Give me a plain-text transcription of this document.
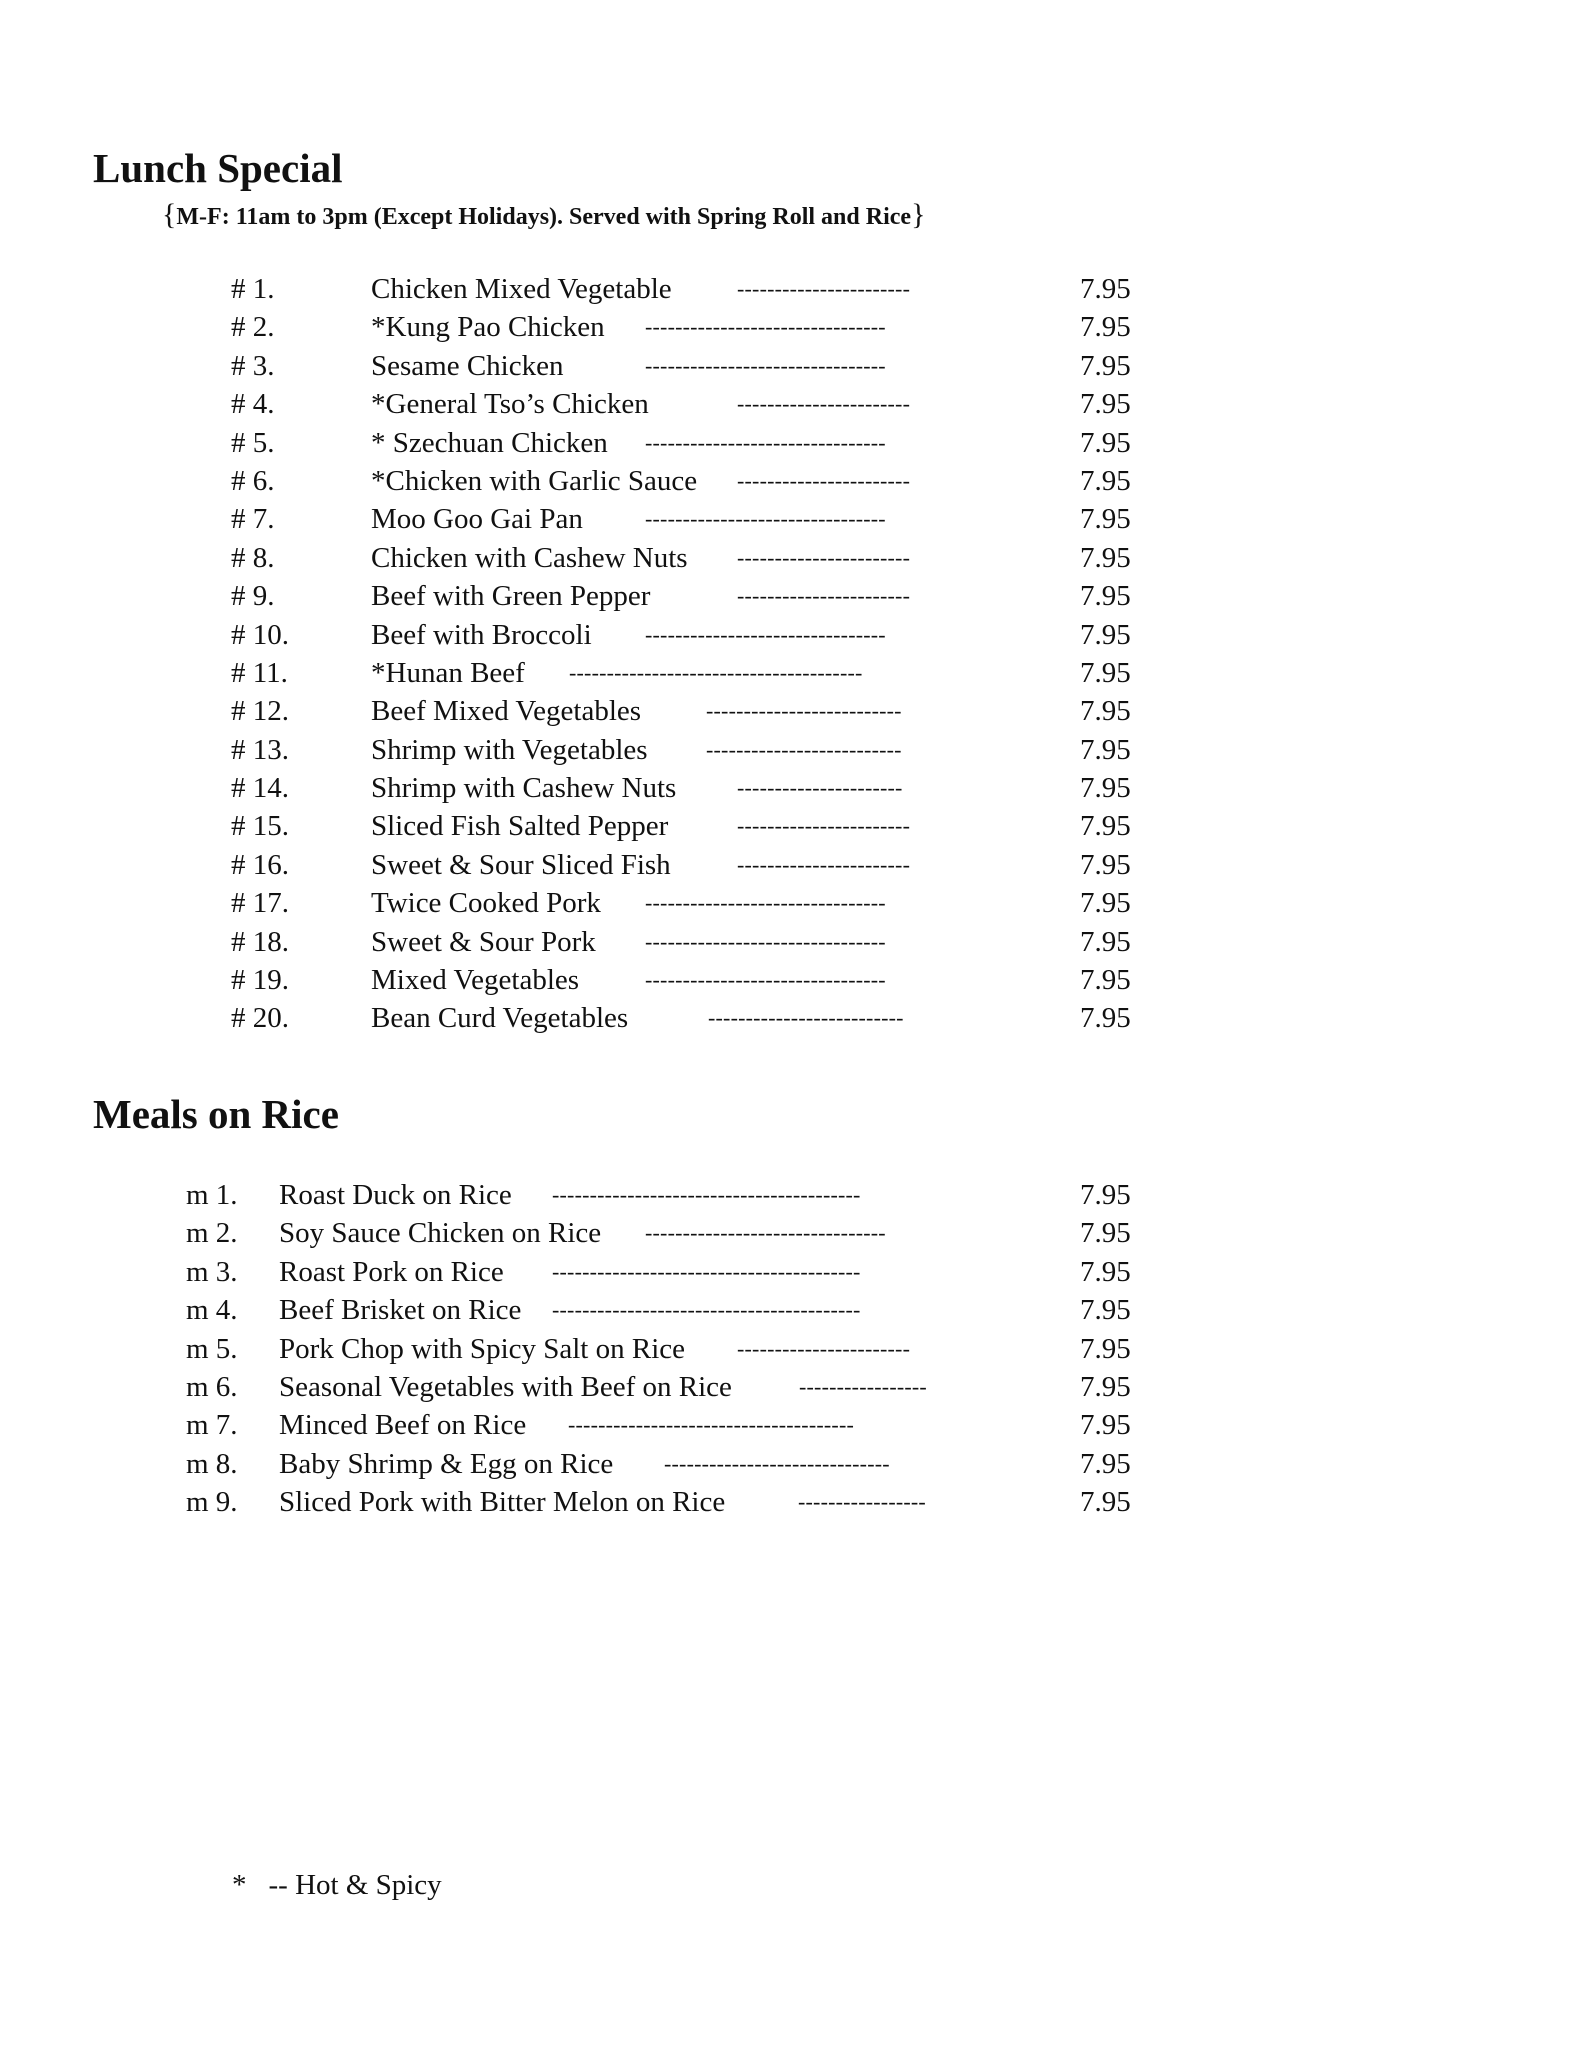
Lunch Special
{M-F: 11am to 3pm (Except Holidays). Served with Spring Roll and Rice}
# 1.	Chicken Mixed Vegetable	-----------------------	7.95
# 2.	*Kung Pao Chicken --------------------------------	7.95
# 3.	Sesame Chicken	--------------------------------	7.95
# 4.	*General Tso’s Chicken	-----------------------	7.95
# 5.	* Szechuan Chicken --------------------------------	7.95
# 6.	*Chicken with Garlic Sauce -----------------------	7.95
# 7.	Moo Goo Gai Pan	--------------------------------	7.95
# 8.	Chicken with Cashew Nuts -----------------------	7.95
# 9.	Beef with Green Pepper	-----------------------	7.95
# 10.	Beef with Broccoli --------------------------------	7.95
# 11.	*Hunan Beef ---------------------------------------	7.95
# 12.	Beef Mixed Vegetables	--------------------------	7.95
# 13.	Shrimp with Vegetables	--------------------------	7.95
# 14.	Shrimp with Cashew Nuts	----------------------	7.95
# 15.	Sliced Fish Salted Pepper	-----------------------	7.95
# 16.	Sweet & Sour Sliced Fish	-----------------------	7.95
# 17.	Twice Cooked Pork --------------------------------	7.95
# 18.	Sweet & Sour Pork --------------------------------	7.95
# 19.	Mixed Vegetables	--------------------------------	7.95
# 20.	Bean Curd Vegetables	--------------------------	7.95
Meals on Rice
m 1. Roast Duck on Rice -----------------------------------------	7.95
m 2. Soy Sauce Chicken on Rice --------------------------------	7.95
m 3. Roast Pork on Rice -----------------------------------------	7.95
m 4. Beef Brisket on Rice -----------------------------------------	7.95
m 5. Pork Chop with Spicy Salt on Rice -----------------------	7.95
m 6. Seasonal Vegetables with Beef on Rice	-----------------	7.95
m 7. Minced Beef on Rice --------------------------------------	7.95
m 8. Baby Shrimp & Egg on Rice ------------------------------	7.95
m 9. Sliced Pork with Bitter Melon on Rice	-----------------	7.95
* -- Hot & Spicy
